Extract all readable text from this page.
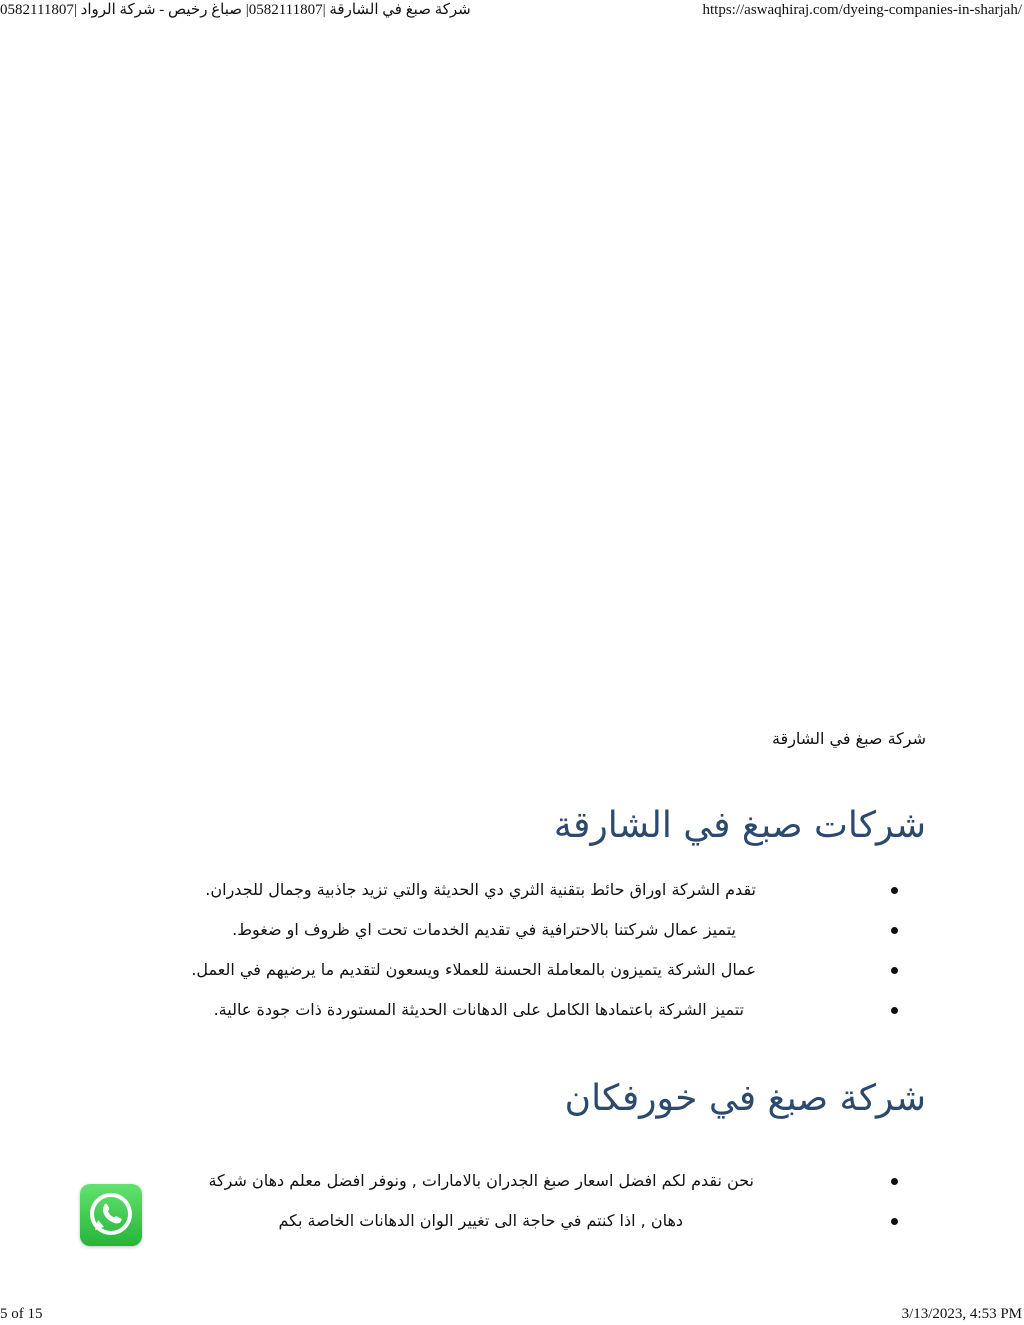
شركة صبغ في الشارقة |0582111807| صباغ رخيص - شركة الرواد |0582111807	https://aswaqhiraj.com/dyeing-companies-in-sharjah/

شركة صبغ في الشارقة

شركات صبغ في الشارقة
تقدم الشركة اوراق حائط بتقنية الثري دي الحديثة والتي تزيد جاذبية وجمال للجدران.
يتميز عمال شركتنا بالاحترافية في تقديم الخدمات تحت اي ظروف او ضغوط.
عمال الشركة يتميزون بالمعاملة الحسنة للعملاء ويسعون لتقديم ما يرضيهم في العمل.
تتميز الشركة باعتمادها الكامل على الدهانات الحديثة المستوردة ذات جودة عالية.
شركة صبغ في خورفكان
نحن نقدم لكم افضل اسعار صبغ الجدران بالامارات , ونوفر افضل معلم دهان شركة
دهان , اذا كنتم في حاجة الى تغيير الوان الدهانات الخاصة بكم
5 of 15	3/13/2023, 4:53 PM
